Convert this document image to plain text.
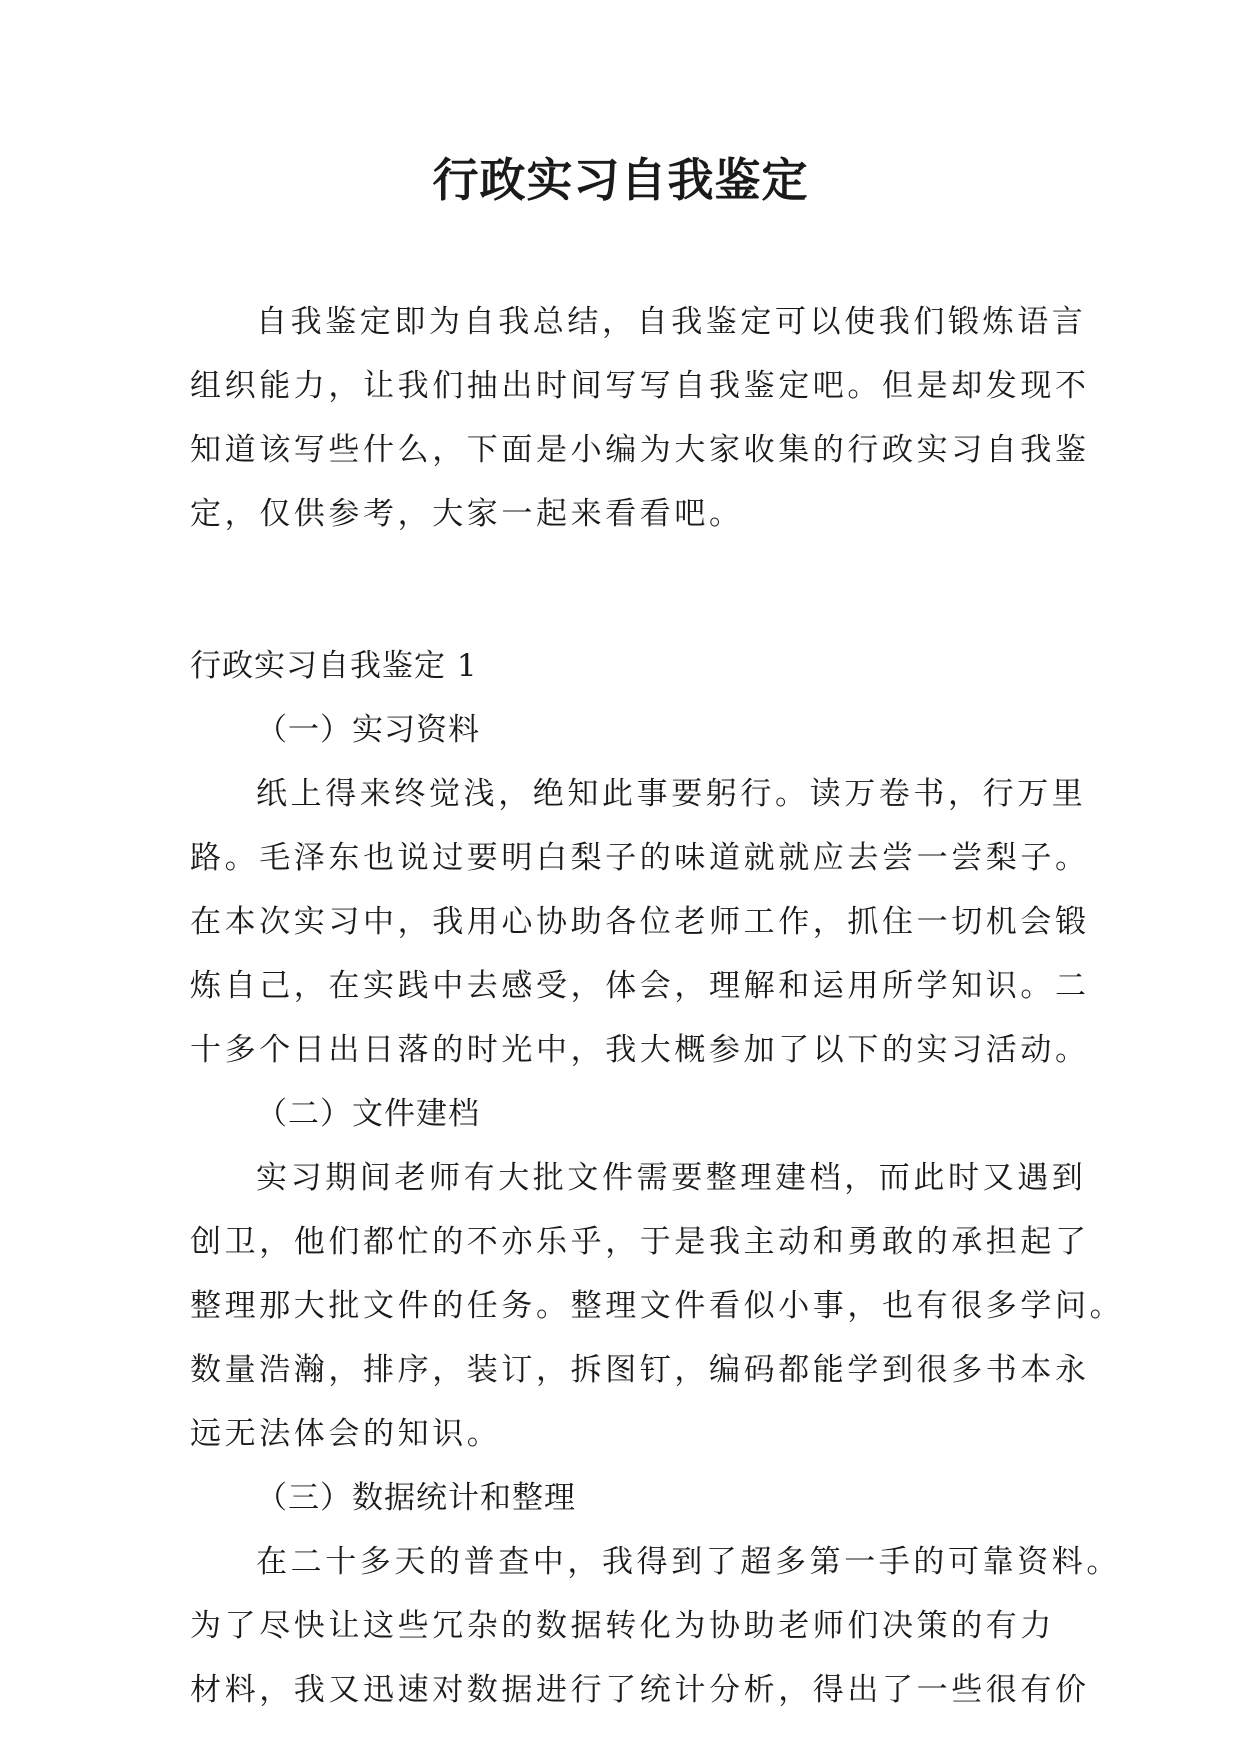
行政实习自我鉴定
自我鉴定即为自我总结，自我鉴定可以使我们锻炼语言
组织能力，让我们抽出时间写写自我鉴定吧。但是却发现不
知道该写些什么，下面是小编为大家收集的行政实习自我鉴
定，仅供参考，大家一起来看看吧。
行政实习自我鉴定 1
（一）实习资料
纸上得来终觉浅，绝知此事要躬行。读万卷书，行万里
路。毛泽东也说过要明白梨子的味道就就应去尝一尝梨子。
在本次实习中，我用心协助各位老师工作，抓住一切机会锻
炼自己，在实践中去感受，体会，理解和运用所学知识。二
十多个日出日落的时光中，我大概参加了以下的实习活动。
（二）文件建档
实习期间老师有大批文件需要整理建档，而此时又遇到
创卫，他们都忙的不亦乐乎，于是我主动和勇敢的承担起了
整理那大批文件的任务。整理文件看似小事，也有很多学问。
数量浩瀚，排序，装订，拆图钉，编码都能学到很多书本永
远无法体会的知识。
（三）数据统计和整理
在二十多天的普查中，我得到了超多第一手的可靠资料。
为了尽快让这些冗杂的数据转化为协助老师们决策的有力
材料，我又迅速对数据进行了统计分析，得出了一些很有价
